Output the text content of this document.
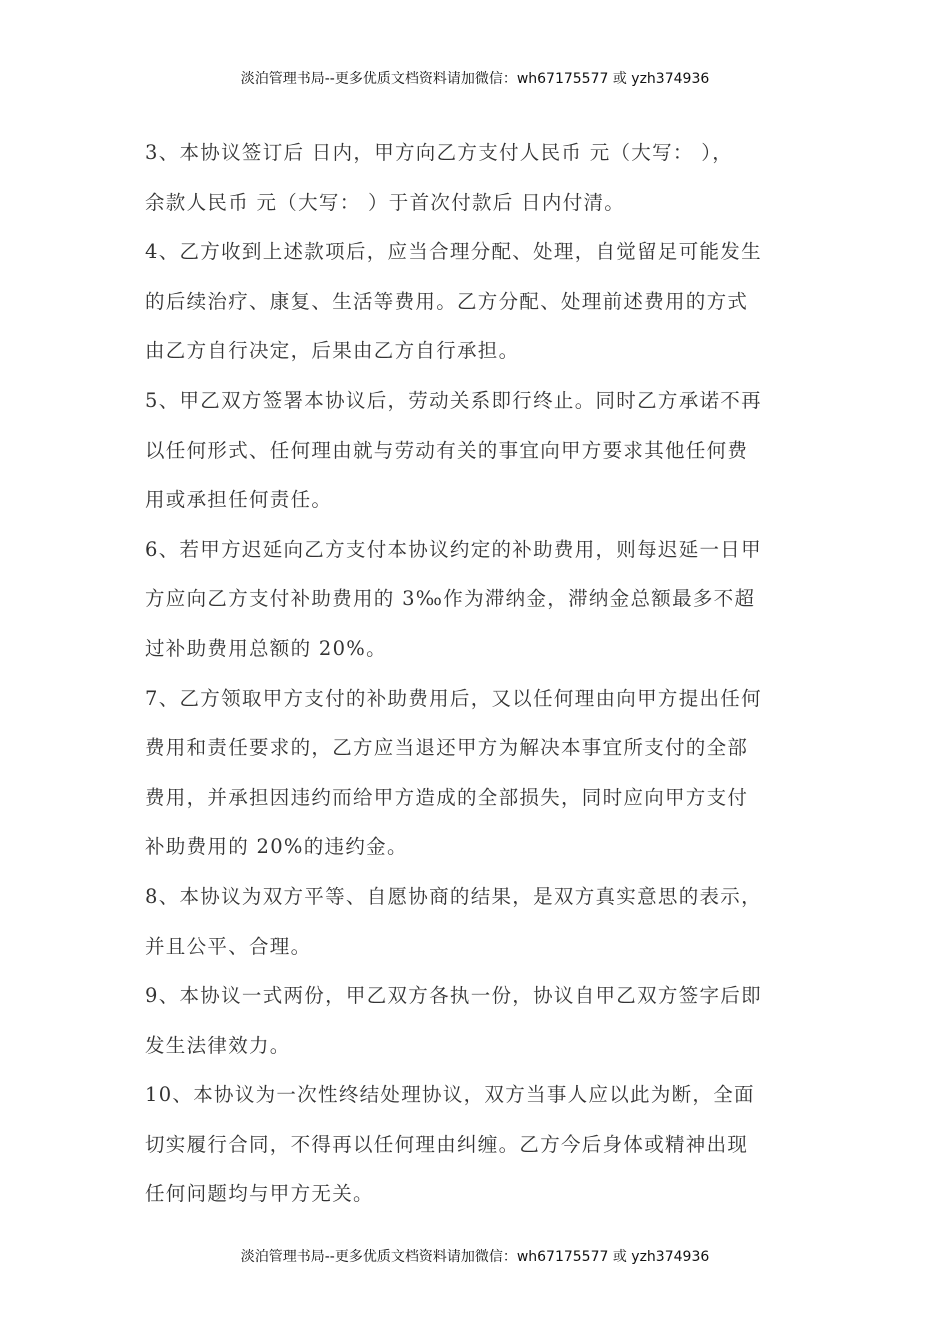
淡泊管理书局--更多优质文档资料请加微信：wh67175577 或 yzh374936
3、本协议签订后 日内，甲方向乙方支付人民币 元（大写： ），
余款人民币 元（大写： ）于首次付款后 日内付清。
4、乙方收到上述款项后，应当合理分配、处理，自觉留足可能发生
的后续治疗、康复、生活等费用。乙方分配、处理前述费用的方式
由乙方自行决定，后果由乙方自行承担。
5、甲乙双方签署本协议后，劳动关系即行终止。同时乙方承诺不再
以任何形式、任何理由就与劳动有关的事宜向甲方要求其他任何费
用或承担任何责任。
6、若甲方迟延向乙方支付本协议约定的补助费用，则每迟延一日甲
方应向乙方支付补助费用的 3‰作为滞纳金，滞纳金总额最多不超
过补助费用总额的 20%。
7、乙方领取甲方支付的补助费用后，又以任何理由向甲方提出任何
费用和责任要求的，乙方应当退还甲方为解决本事宜所支付的全部
费用，并承担因违约而给甲方造成的全部损失，同时应向甲方支付
补助费用的 20%的违约金。
8、本协议为双方平等、自愿协商的结果，是双方真实意思的表示，
并且公平、合理。
9、本协议一式两份，甲乙双方各执一份，协议自甲乙双方签字后即
发生法律效力。
10、本协议为一次性终结处理协议，双方当事人应以此为断，全面
切实履行合同，不得再以任何理由纠缠。乙方今后身体或精神出现
任何问题均与甲方无关。
淡泊管理书局--更多优质文档资料请加微信：wh67175577 或 yzh374936
